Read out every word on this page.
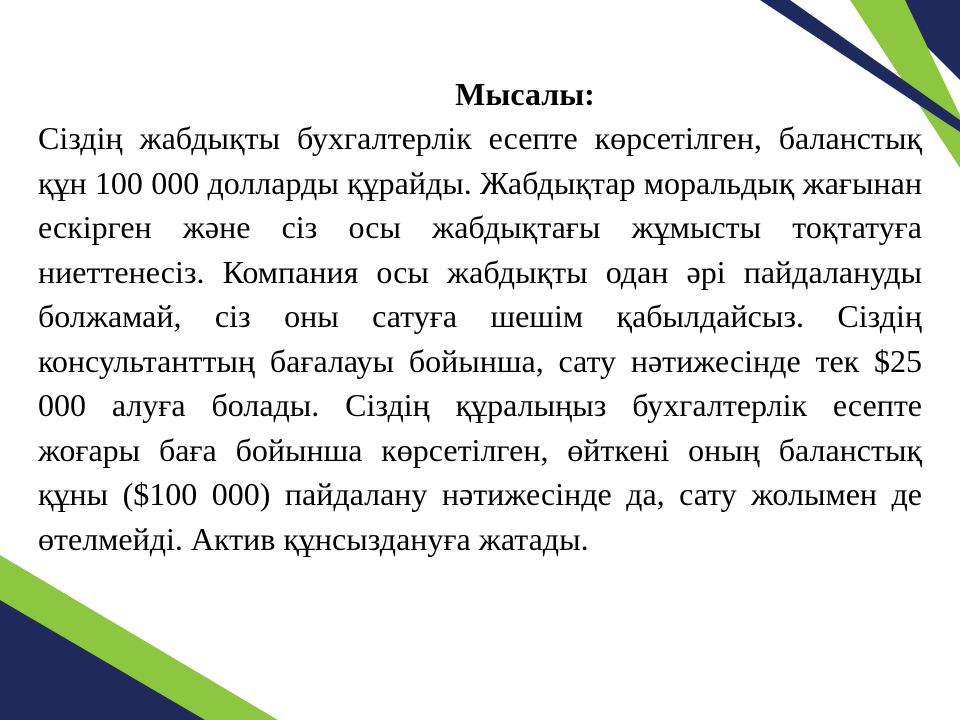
Мысалы:

Сіздің жабдықты бухгалтерлік есепте көрсетілген, баланстық құн 100 000 долларды құрайды. Жабдықтар моральдық жағынан ескірген және сіз осы жабдықтағы жұмысты тоқтатуға ниеттенесіз. Компания осы жабдықты одан әрі пайдалануды болжамай, сіз оны сатуға шешім қабылдайсыз. Сіздің консультанттың бағалауы бойынша, сату нәтижесінде тек $25 000 алуға болады. Сіздің құралыңыз бухгалтерлік есепте жоғары баға бойынша көрсетілген, өйткені оның баланстық құны ($100 000) пайдалану нәтижесінде да, сату жолымен де өтелмейді. Актив құнсыздануға жатады.
